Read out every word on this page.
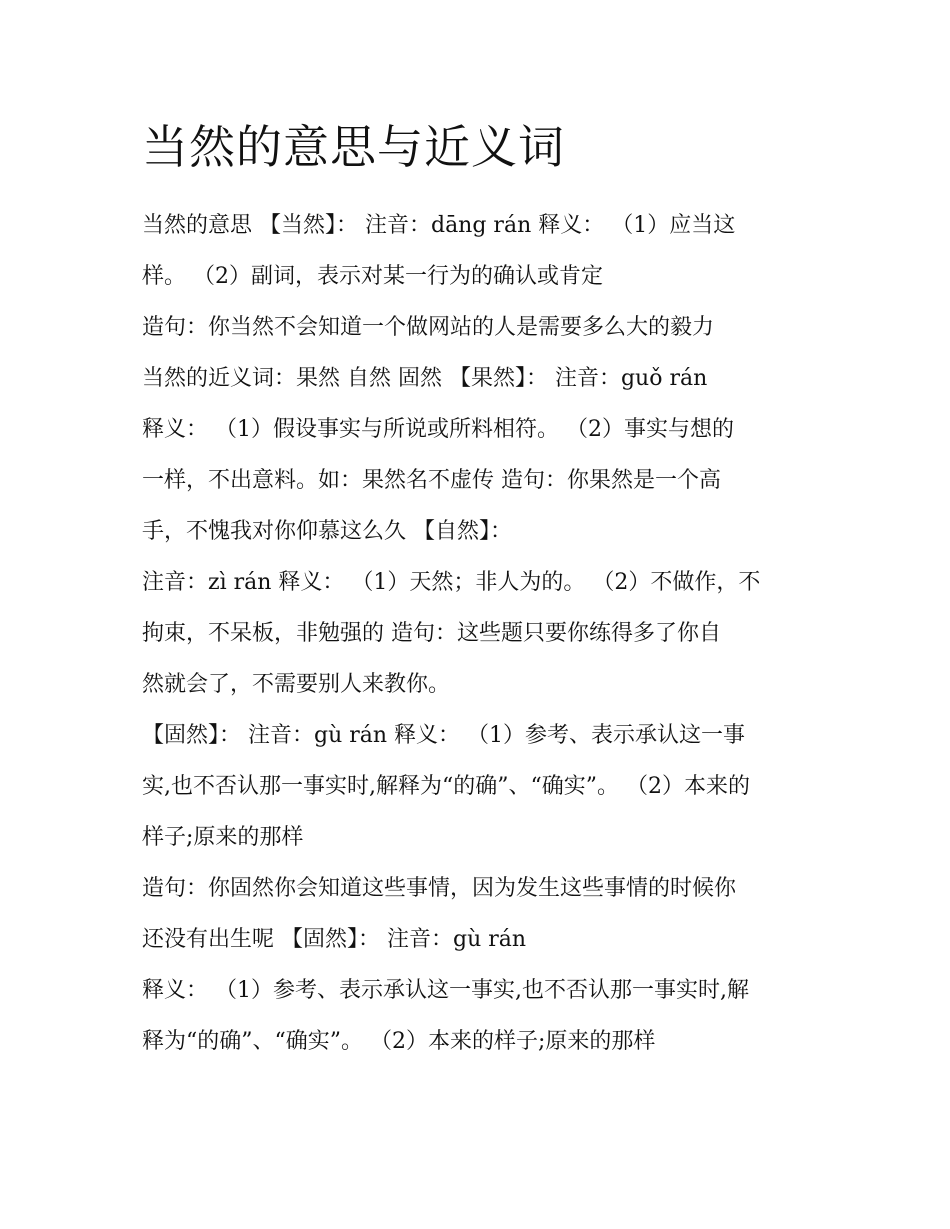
当然的意思与近义词

当然的意思 【当然】： 注音：dāng rán 释义： （1）应当这

样。 （2）副词，表示对某一行为的确认或肯定

造句：你当然不会知道一个做网站的人是需要多么大的毅力

当然的近义词：果然 自然 固然 【果然】： 注音：guǒ rán

释义： （1）假设事实与所说或所料相符。 （2）事实与想的

一样，不出意料。如：果然名不虚传 造句：你果然是一个高

手，不愧我对你仰慕这么久 【自然】：

注音：zì rán 释义： （1）天然；非人为的。 （2）不做作，不

拘束，不呆板，非勉强的 造句：这些题只要你练得多了你自

然就会了，不需要别人来教你。

【固然】： 注音：gù rán 释义： （1）参考、表示承认这一事

实,也不否认那一事实时,解释为“的确”、“确实”。 （2）本来的

样子;原来的那样

造句：你固然你会知道这些事情，因为发生这些事情的时候你

还没有出生呢 【固然】： 注音：gù rán

释义： （1）参考、表示承认这一事实,也不否认那一事实时,解

释为“的确”、“确实”。 （2）本来的样子;原来的那样
